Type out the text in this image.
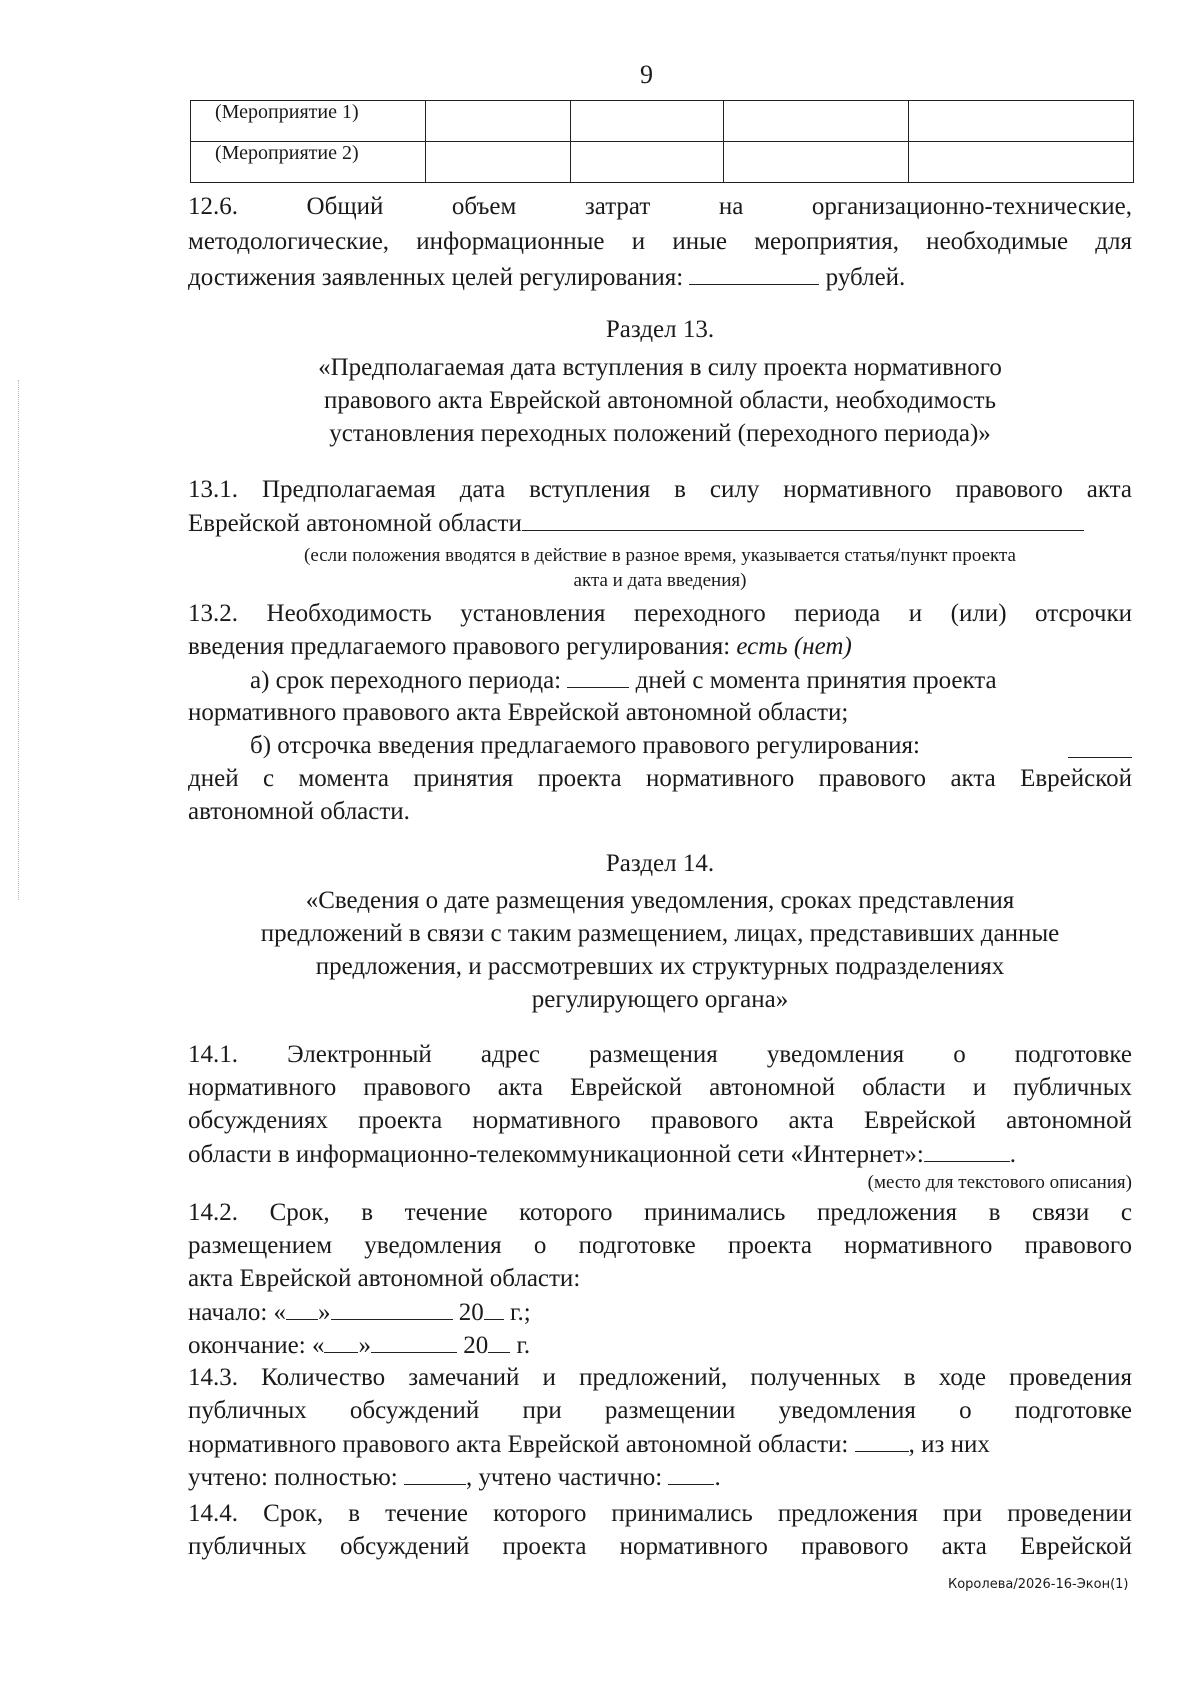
9
(Мероприятие 1)				
(Мероприятие 2)				
12.6. Общий объем затрат на организационно-технические,
методологические, информационные и иные мероприятия, необходимые для
достижения заявленных целей регулирования:	рублей.
Раздел 13.
«Предполагаемая дата вступления в силу проекта нормативного
правового акта Еврейской автономной области, необходимость
установления переходных положений (переходного периода)»
13.1. Предполагаемая дата вступления в силу нормативного правового акта
Еврейской автономной области
(если положения вводятся в действие в разное время, указывается статья/пункт проекта
акта и дата введения)
13.2. Необходимость установления переходного периода и (или) отсрочки
введения предлагаемого правового регулирования: есть (нет)
а) срок переходного периода:  дней с момента принятия проекта
нормативного правового акта Еврейской автономной области;
б) отсрочка введения предлагаемого правового регулирования:
дней с момента принятия проекта нормативного правового акта Еврейской
автономной области.
Раздел 14.
«Сведения о дате размещения уведомления, сроках представления
предложений в связи с таким размещением, лицах, представивших данные
предложения, и рассмотревших их структурных подразделениях
регулирующего органа»
14.1. Электронный адрес размещения уведомления о подготовке
нормативного правового акта Еврейской автономной области и публичных
обсуждениях проекта нормативного правового акта Еврейской автономной
области в информационно-телекоммуникационной сети «Интернет»:	.
(место для текстового описания)
14.2. Срок, в течение которого принимались предложения в связи с
размещением уведомления о подготовке проекта нормативного правового
акта Еврейской автономной области:
начало: « »	20 г.;
окончание: « »	20 г.
14.3. Количество замечаний и предложений, полученных в ходе проведения
публичных обсуждений при размещении уведомления о подготовке
нормативного правового акта Еврейской автономной области: , из них
учтено: полностью: , учтено частично: .
14.4. Срок, в течение которого принимались предложения при проведении
публичных обсуждений проекта нормативного правового акта Еврейской
Королева/2026-16-Экон(1)
